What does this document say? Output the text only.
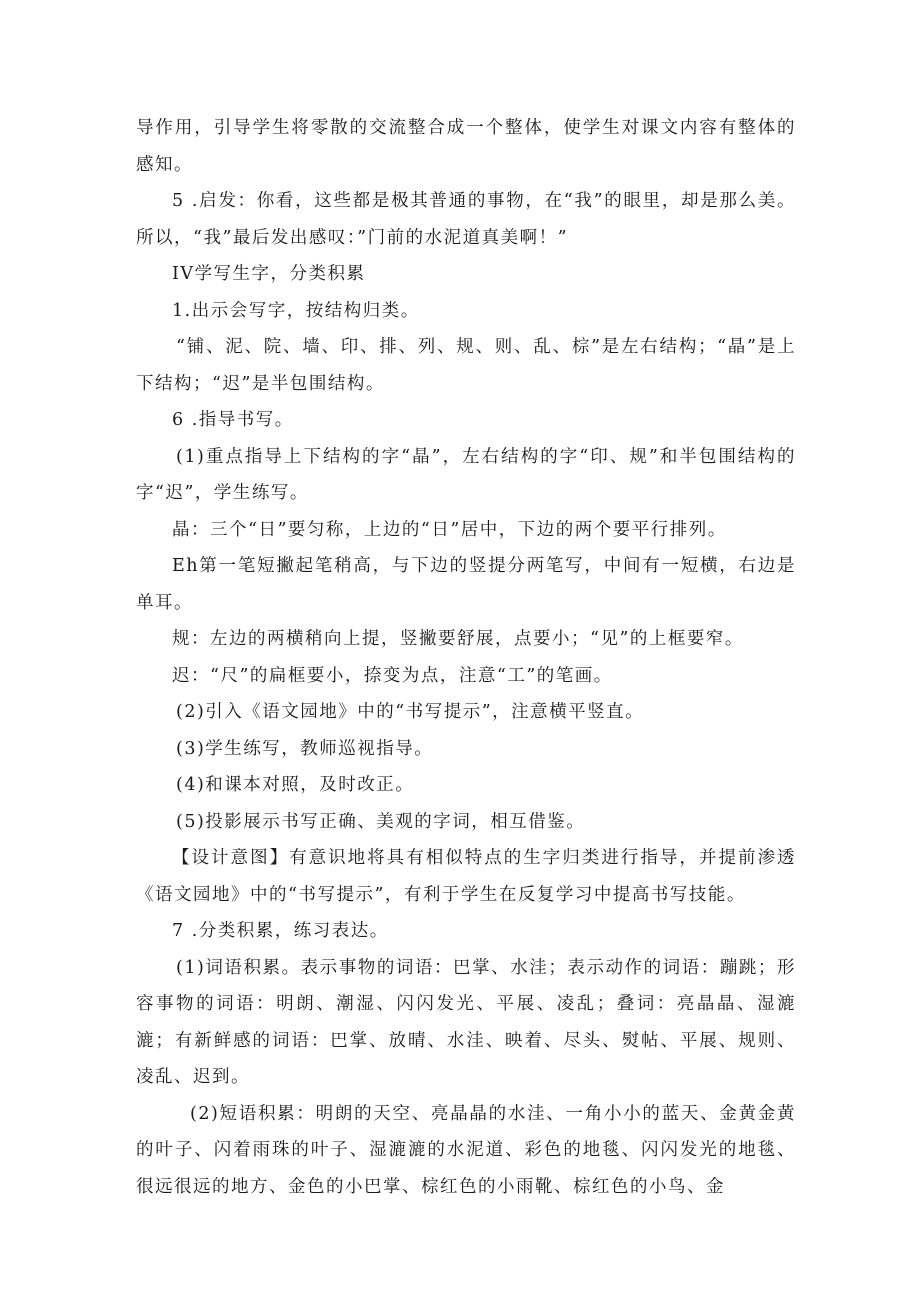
导作用，引导学生将零散的交流整合成一个整体，使学生对课文内容有整体的感知。

5 .启发：你看，这些都是极其普通的事物，在“我”的眼里，却是那么美。所以，“我”最后发出感叹：”门前的水泥道真美啊！”

IV学写生字，分类积累

1.出示会写字，按结构归类。

“铺、泥、院、墙、印、排、列、规、则、乱、棕”是左右结构；“晶”是上下结构；“迟”是半包围结构。

6 .指导书写。

(1)重点指导上下结构的字“晶”，左右结构的字“印、规”和半包围结构的字“迟”，学生练写。

晶：三个“日”要匀称，上边的“日”居中，下边的两个要平行排列。

Eh第一笔短撇起笔稍高，与下边的竖提分两笔写，中间有一短横，右边是单耳。

规：左边的两横稍向上提，竖撇要舒展，点要小；“见”的上框要窄。

迟：“尺”的扁框要小，捺变为点，注意“工”的笔画。

(2)引入《语文园地》中的“书写提示”，注意横平竖直。

(3)学生练写，教师巡视指导。

(4)和课本对照，及时改正。

(5)投影展示书写正确、美观的字词，相互借鉴。

【设计意图】有意识地将具有相似特点的生字归类进行指导，并提前渗透《语文园地》中的“书写提示”，有利于学生在反复学习中提高书写技能。

7 .分类积累，练习表达。

(1)词语积累。表示事物的词语：巴掌、水洼；表示动作的词语：蹦跳；形容事物的词语：明朗、潮湿、闪闪发光、平展、凌乱；叠词：亮晶晶、湿漉漉；有新鲜感的词语：巴掌、放晴、水洼、映着、尽头、熨帖、平展、规则、凌乱、迟到。

(2)短语积累：明朗的天空、亮晶晶的水洼、一角小小的蓝天、金黄金黄的叶子、闪着雨珠的叶子、湿漉漉的水泥道、彩色的地毯、闪闪发光的地毯、很远很远的地方、金色的小巴掌、棕红色的小雨靴、棕红色的小鸟、金
